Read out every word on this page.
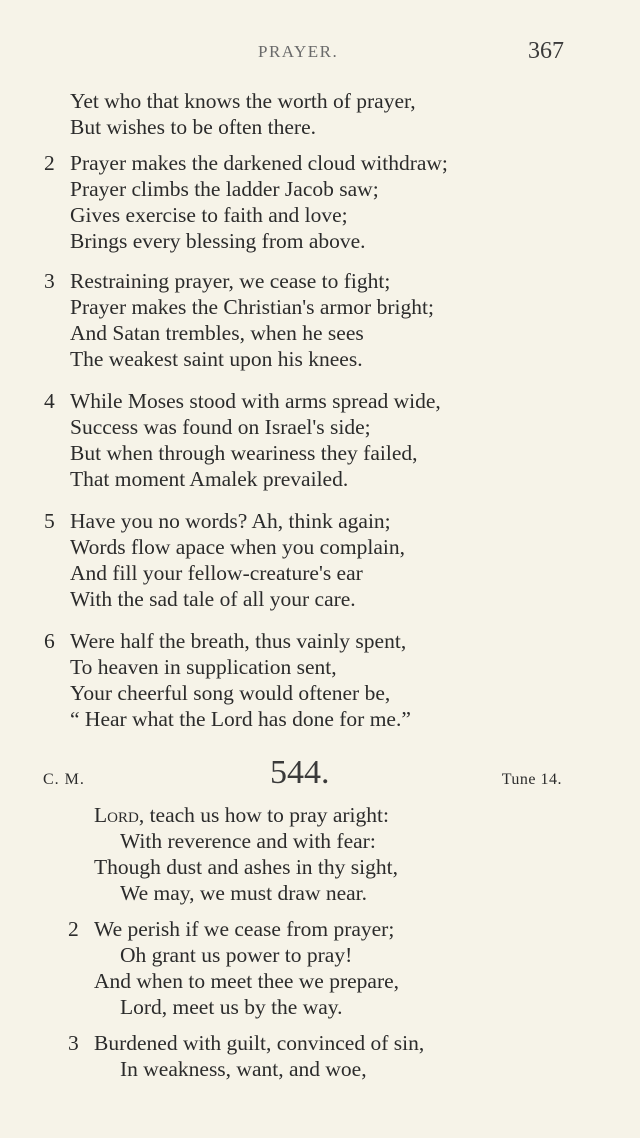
PRAYER.	367
Yet who that knows the worth of prayer,
But wishes to be often there.
2 Prayer makes the darkened cloud withdraw;
Prayer climbs the ladder Jacob saw;
Gives exercise to faith and love;
Brings every blessing from above.
3 Restraining prayer, we cease to fight;
Prayer makes the Christian's armor bright;
And Satan trembles, when he sees
The weakest saint upon his knees.
4 While Moses stood with arms spread wide,
Success was found on Israel's side;
But when through weariness they failed,
That moment Amalek prevailed.
5 Have you no words? Ah, think again;
Words flow apace when you complain,
And fill your fellow-creature's ear
With the sad tale of all your care.
6 Were half the breath, thus vainly spent,
To heaven in supplication sent,
Your cheerful song would oftener be,
“ Hear what the Lord has done for me.”
C. M.	544.	Tune 14.
Lord, teach us how to pray aright:
With reverence and with fear:
Though dust and ashes in thy sight,
We may, we must draw near.
2 We perish if we cease from prayer;
Oh grant us power to pray!
And when to meet thee we prepare,
Lord, meet us by the way.
3 Burdened with guilt, convinced of sin,
In weakness, want, and woe,
